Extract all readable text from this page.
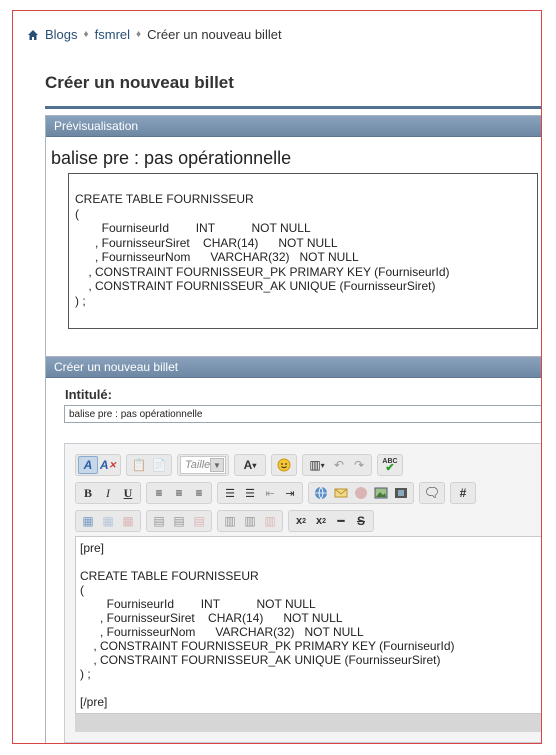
Blogs ♦ fsmrel ♦ Créer un nouveau billet
Créer un nouveau billet
Prévisualisation
balise pre : pas opérationnelle
CREATE TABLE FOURNISSEUR
(
FourniseurId        INT           NOT NULL
, FournisseurSiret    CHAR(14)      NOT NULL
, FournisseurNom      VARCHAR(32)   NOT NULL
, CONSTRAINT FOURNISSEUR_PK PRIMARY KEY (FourniseurId)
, CONSTRAINT FOURNISSEUR_AK UNIQUE (FournisseurSiret)
) ;
Créer un nouveau billet
Intitulé:
balise pre : pas opérationnelle
A A ✕ 📋 📄 Taille ▼	A ▾	▥ ▾ ↶ ↷	ABC
✔
B	I	U	≡	≡	≡	☰ ☰ ⇤ ⇥	🗨	#
▦ ▦ ▦	▤ ▤ ▤	▥ ▥ ▥	x 2 x 2 ━	S
[pre]

CREATE TABLE FOURNISSEUR
(
FourniseurId        INT           NOT NULL
, FournisseurSiret    CHAR(14)      NOT NULL
, FournisseurNom      VARCHAR(32)   NOT NULL
, CONSTRAINT FOURNISSEUR_PK PRIMARY KEY (FourniseurId)
, CONSTRAINT FOURNISSEUR_AK UNIQUE (FournisseurSiret)
) ;

[/pre]
